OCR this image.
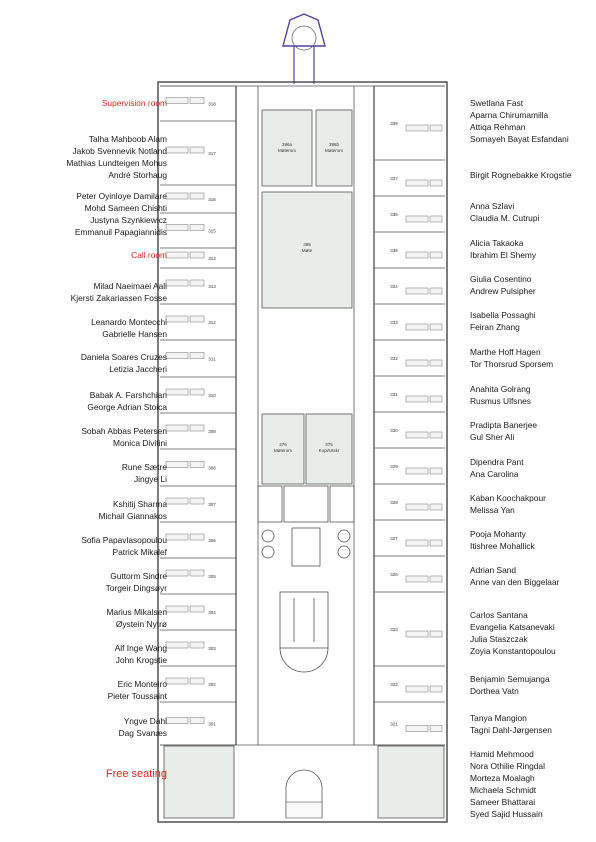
318
317
316
315
314
313
312
311
310
309
308
307
306
305
304
303
302
301
339
337
336
335
334
333
332
331
330
329
328
327
326
323
322
321
396a
Møterom
396b
Møterom
395
Møte
376
Møterom
375
Kopi/Utskr
Supervision room
Talha Mahboob Alam
Jakob Svennevik Notland
Mathias Lundteigen Mohus
André Storhaug
Peter Oyinloye Damilare
Mohd Sameen Chishti
Justyna Szynkiewicz
Emmanuil Papagiannidis
Call room
Milad Naeimaei Aali
Kjersti Zakariassen Fosse
Leanardo Montecchi
Gabrielle Hansen
Daniela Soares Cruzes
Letizia Jaccheri
Babak A. Farshchian
George Adrian Stoica
Sobah Abbas Petersen
Monica Divitini
Rune Sætre
Jingye Li
Kshitij Sharma
Michail Giannakos
Sofia Papavlasopoulou
Patrick Mikalef
Guttorm Sindre
Torgeir Dingsøyr
Marius Mikalsen
Øystein Nytrø
Alf Inge Wang
John Krogstie
Eric Monteiro
Pieter Toussaint
Yngve Dahl
Dag Svanæs
Free seating
Swetlana Fast
Aparna Chirumamilla
Attiqa Rehman
Somayeh Bayat Esfandani
Birgit Rognebakke Krogstie
Anna Szlavi
Claudia M. Cutrupi
Alicia Takaoka
Ibrahim El Shemy
Giulia Cosentino
Andrew Pulsipher
Isabella Possaghi
Feiran Zhang
Marthe Hoff Hagen
Tor Thorsrud Sporsem
Anahita Golrang
Rusmus Ulfsnes
Pradipta Banerjee
Gul Sher Ali
Dipendra Pant
Ana Carolina
Kaban Koochakpour
Melissa Yan
Pooja Mohanty
Itishree Mohallick
Adrian Sand
Anne van den Biggelaar
Carlos Santana
Evangelia Katsanevaki
Julia Staszczak
Zoyia Konstantopoulou
Benjamin Semujanga
Dorthea Vatn
Tanya Mangion
Tagni Dahl-Jørgensen
Hamid Mehmood
Nora Othilie Ringdal
Morteza Moalagh
Michaela Schmidt
Sameer Bhattarai
Syed Sajid Hussain
